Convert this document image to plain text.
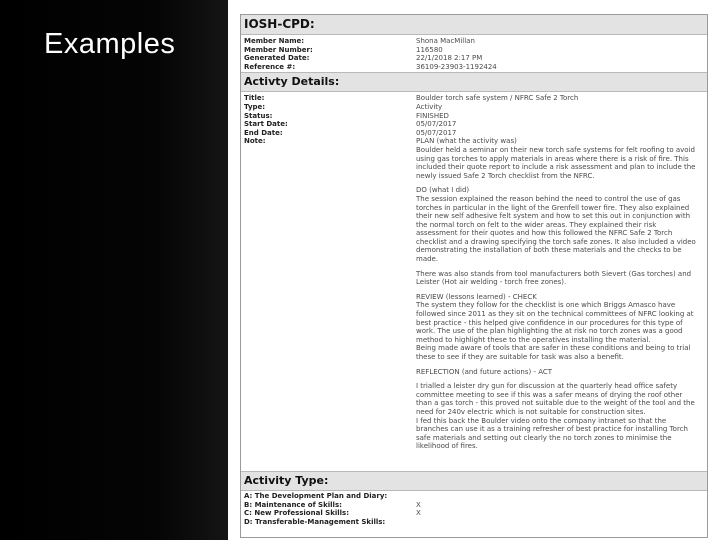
Examples
IOSH-CPD:
Member Name:	Shona MacMillan
Member Number:	116580
Generated Date:	22/1/2018 2:17 PM
Reference #:	36109-23903-1192424
Activty Details:
Title:	Boulder torch safe system / NFRC Safe 2 Torch
Type:	Activity
Status:	FINISHED
Start Date:	05/07/2017
End Date:	05/07/2017
Note:	PLAN (what the activity was)

Boulder held a seminar on their new torch safe systems for felt roofing to avoid using gas torches to apply materials in areas where there is a risk of fire. This included their quote report to include a risk assessment and plan to include the newly issued Safe 2 Torch checklist from the NFRC.

DO (what I did)

The session explained the reason behind the need to control the use of gas torches in particular in the light of the Grenfell tower fire. They also explained their new self adhesive felt system and how to set this out in conjunction with the normal torch on felt to the wider areas. They explained their risk assessment for their quotes and how this followed the NFRC Safe 2 Torch checklist and a drawing specifying the torch safe zones. It also included a video demonstrating the installation of both these materials and the checks to be made.

There was also stands from tool manufacturers both Sievert (Gas torches) and Leister (Hot air welding - torch free zones).

REVIEW (lessons learned) - CHECK

The system they follow for the checklist is one which Briggs Amasco have followed since 2011 as they sit on the technical committees of NFRC looking at best practice - this helped give confidence in our procedures for this type of work. The use of the plan highlighting the at risk no torch zones was a good method to highlight these to the operatives installing the material.

Being made aware of tools that are safer in these conditions and being to trial these to see if they are suitable for task was also a benefit.

REFLECTION (and future actions) - ACT

I trialled a leister dry gun for discussion at the quarterly head office safety committee meeting to see if this was a safer means of drying the roof other than a gas torch - this proved not suitable due to the weight of the tool and the need for 240v electric which is not suitable for construction sites.

I fed this back the Boulder video onto the company intranet so that the branches can use it as a training refresher of best practice for installing Torch safe materials and setting out clearly the no torch zones to minimise the likelihood of fires.

Activity Type:
A: The Development Plan and Diary:
B: Maintenance of Skills:	X
C: New Professional Skills:	X
D: Transferable-Management Skills:
